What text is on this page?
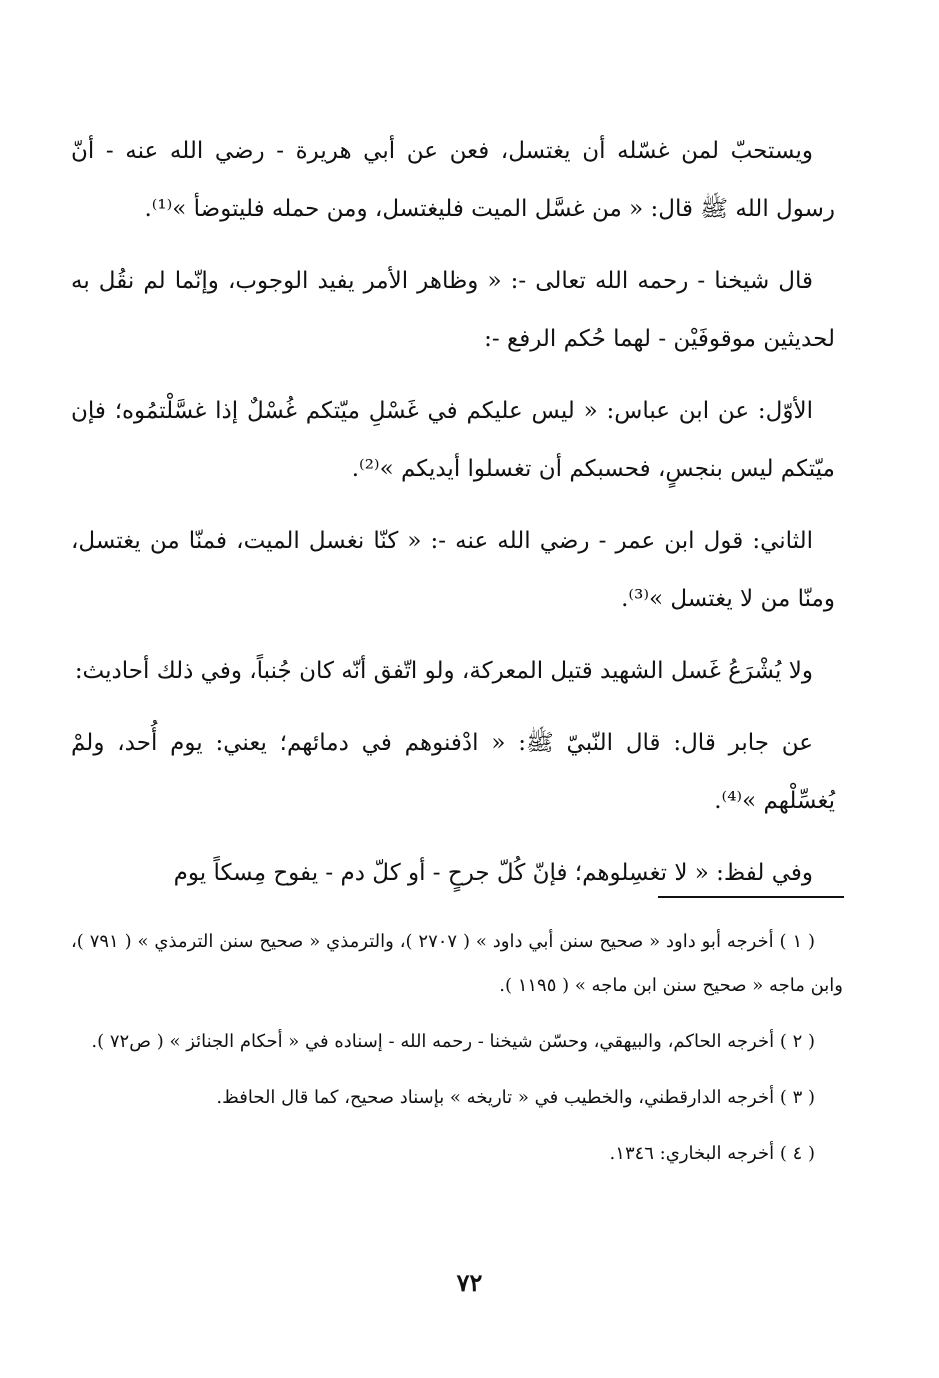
ويستحبّ لمن غسّله أن يغتسل، فعن عن أبي هريرة - رضي الله عنه - أنّ رسول الله ﷺ قال: « من غسَّل الميت فليغتسل، ومن حمله فليتوضأ »⁽¹⁾.

قال شيخنا - رحمه الله تعالى -: « وظاهر الأمر يفيد الوجوب، وإنّما لم نقُل به لحديثين موقوفَيْن - لهما حُكم الرفع -:

الأوّل: عن ابن عباس: « ليس عليكم في غَسْلِ ميّتكم غُسْلٌ إذا غسَّلْتمُوه؛ فإن ميّتكم ليس بنجسٍ، فحسبكم أن تغسلوا أيديكم »⁽²⁾.

الثاني: قول ابن عمر - رضي الله عنه -: « كنّا نغسل الميت، فمنّا من يغتسل، ومنّا من لا يغتسل »⁽³⁾.

ولا يُشْرَعُ غَسل الشهيد قتيل المعركة، ولو اتّفق أنّه كان جُنباً، وفي ذلك أحاديث:

عن جابر قال: قال النّبيّ ﷺ: « ادْفنوهم في دمائهم؛ يعني: يوم أُحد، ولمْ يُغسِّلْهم »⁽⁴⁾.

وفي لفظ: « لا تغسِلوهم؛ فإنّ كُلّ جرحٍ - أو كلّ دم - يفوح مِسكاً يوم

( ١ ) أخرجه أبو داود « صحيح سنن أبي داود » ( ٢٧٠٧ )، والترمذي « صحيح سنن الترمذي » ( ٧٩١ )، وابن ماجه « صحيح سنن ابن ماجه » ( ١١٩٥ ).

( ٢ ) أخرجه الحاكم، والبيهقي، وحسّن شيخنا - رحمه الله - إسناده في « أحكام الجنائز » ( ص٧٢ ).

( ٣ ) أخرجه الدارقطني، والخطيب في « تاريخه » بإسناد صحيح، كما قال الحافظ.

( ٤ ) أخرجه البخاري: ١٣٤٦.

٧٢
